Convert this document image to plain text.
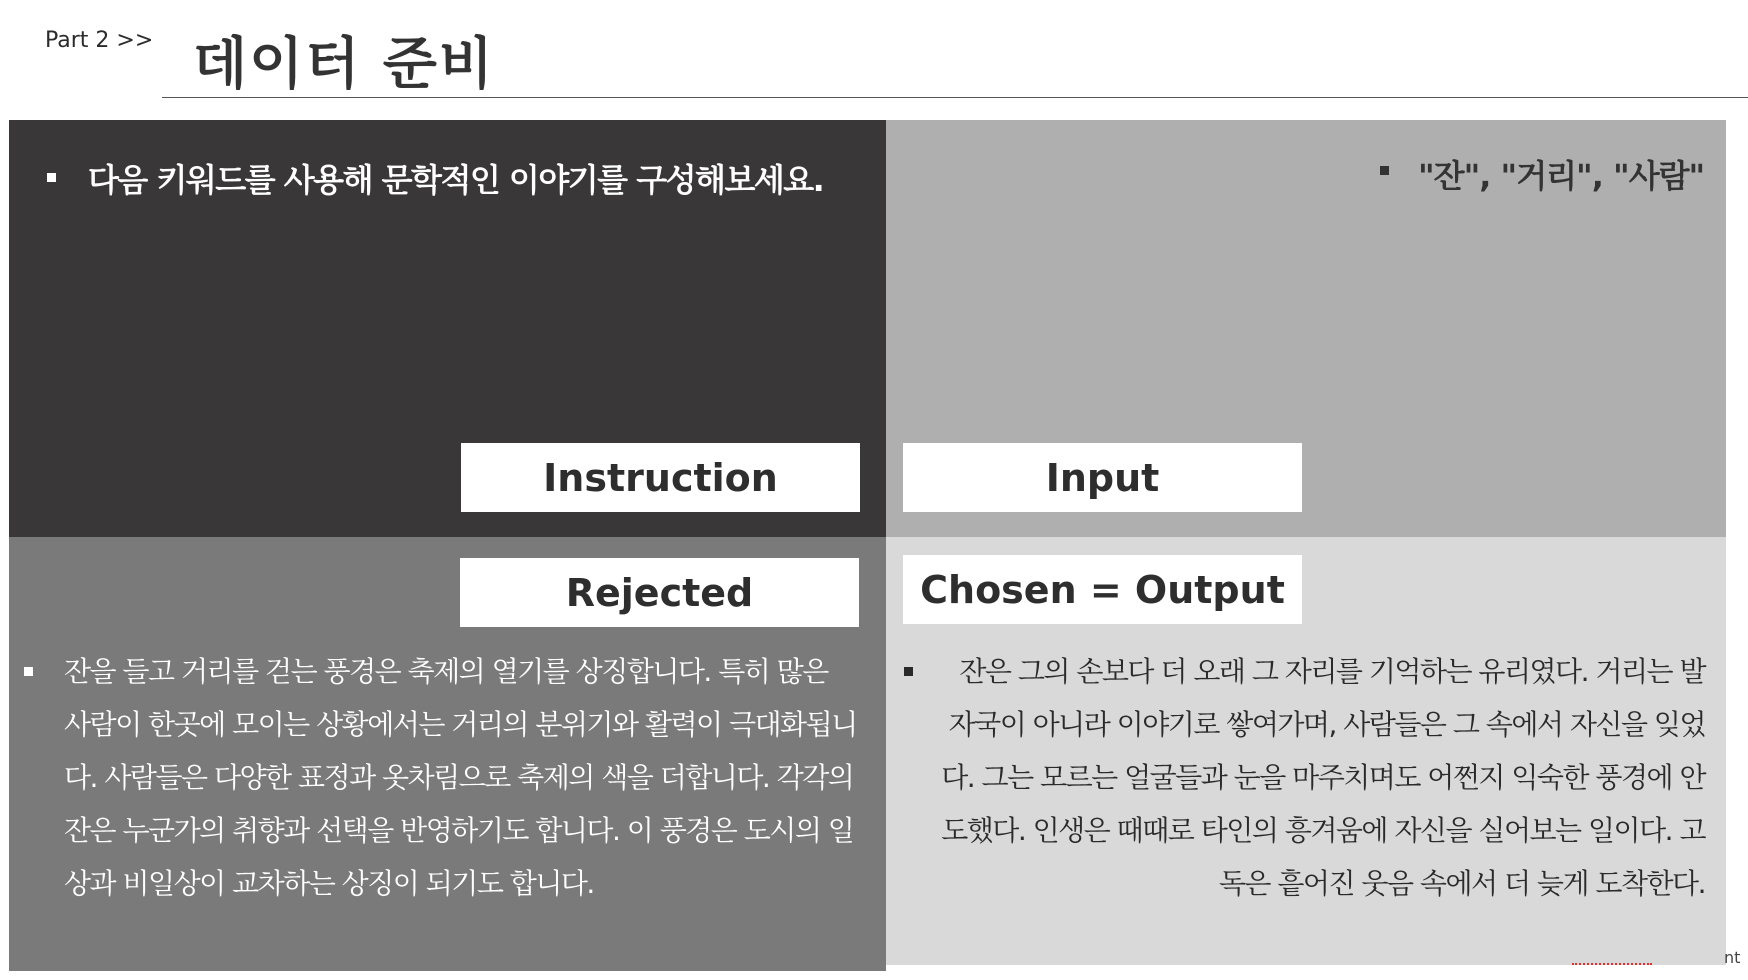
Part 2 >> 데이터 준비
다음 키워드를 사용해 문학적인 이야기를 구성해보세요.	"잔", "거리", "사람"
잔을 들고 거리를 걷는 풍경은 축제의 열기를 상징합니다. 특히 많은 사람이 한곳에 모이는 상황에서는 거리의 분위기와 활력이 극대화됩니다. 사람들은 다양한 표정과 옷차림으로 축제의 색을 더합니다. 각각의 잔은 누군가의 취향과 선택을 반영하기도 합니다. 이 풍경은 도시의 일상과 비일상이 교차하는 상징이 되기도 합니다.
잔은 그의 손보다 더 오래 그 자리를 기억하는 유리였다. 거리는 발자국이 아니라 이야기로 쌓여가며, 사람들은 그 속에서 자신을 잊었다. 그는 모르는 얼굴들과 눈을 마주치며도 어쩐지 익숙한 풍경에 안도했다. 인생은 때때로 타인의 흥겨움에 자신을 실어보는 일이다. 고독은 흩어진 웃음 속에서 더 늦게 도착한다.
Instruction	Input
Rejected	Chosen = Output
nt
